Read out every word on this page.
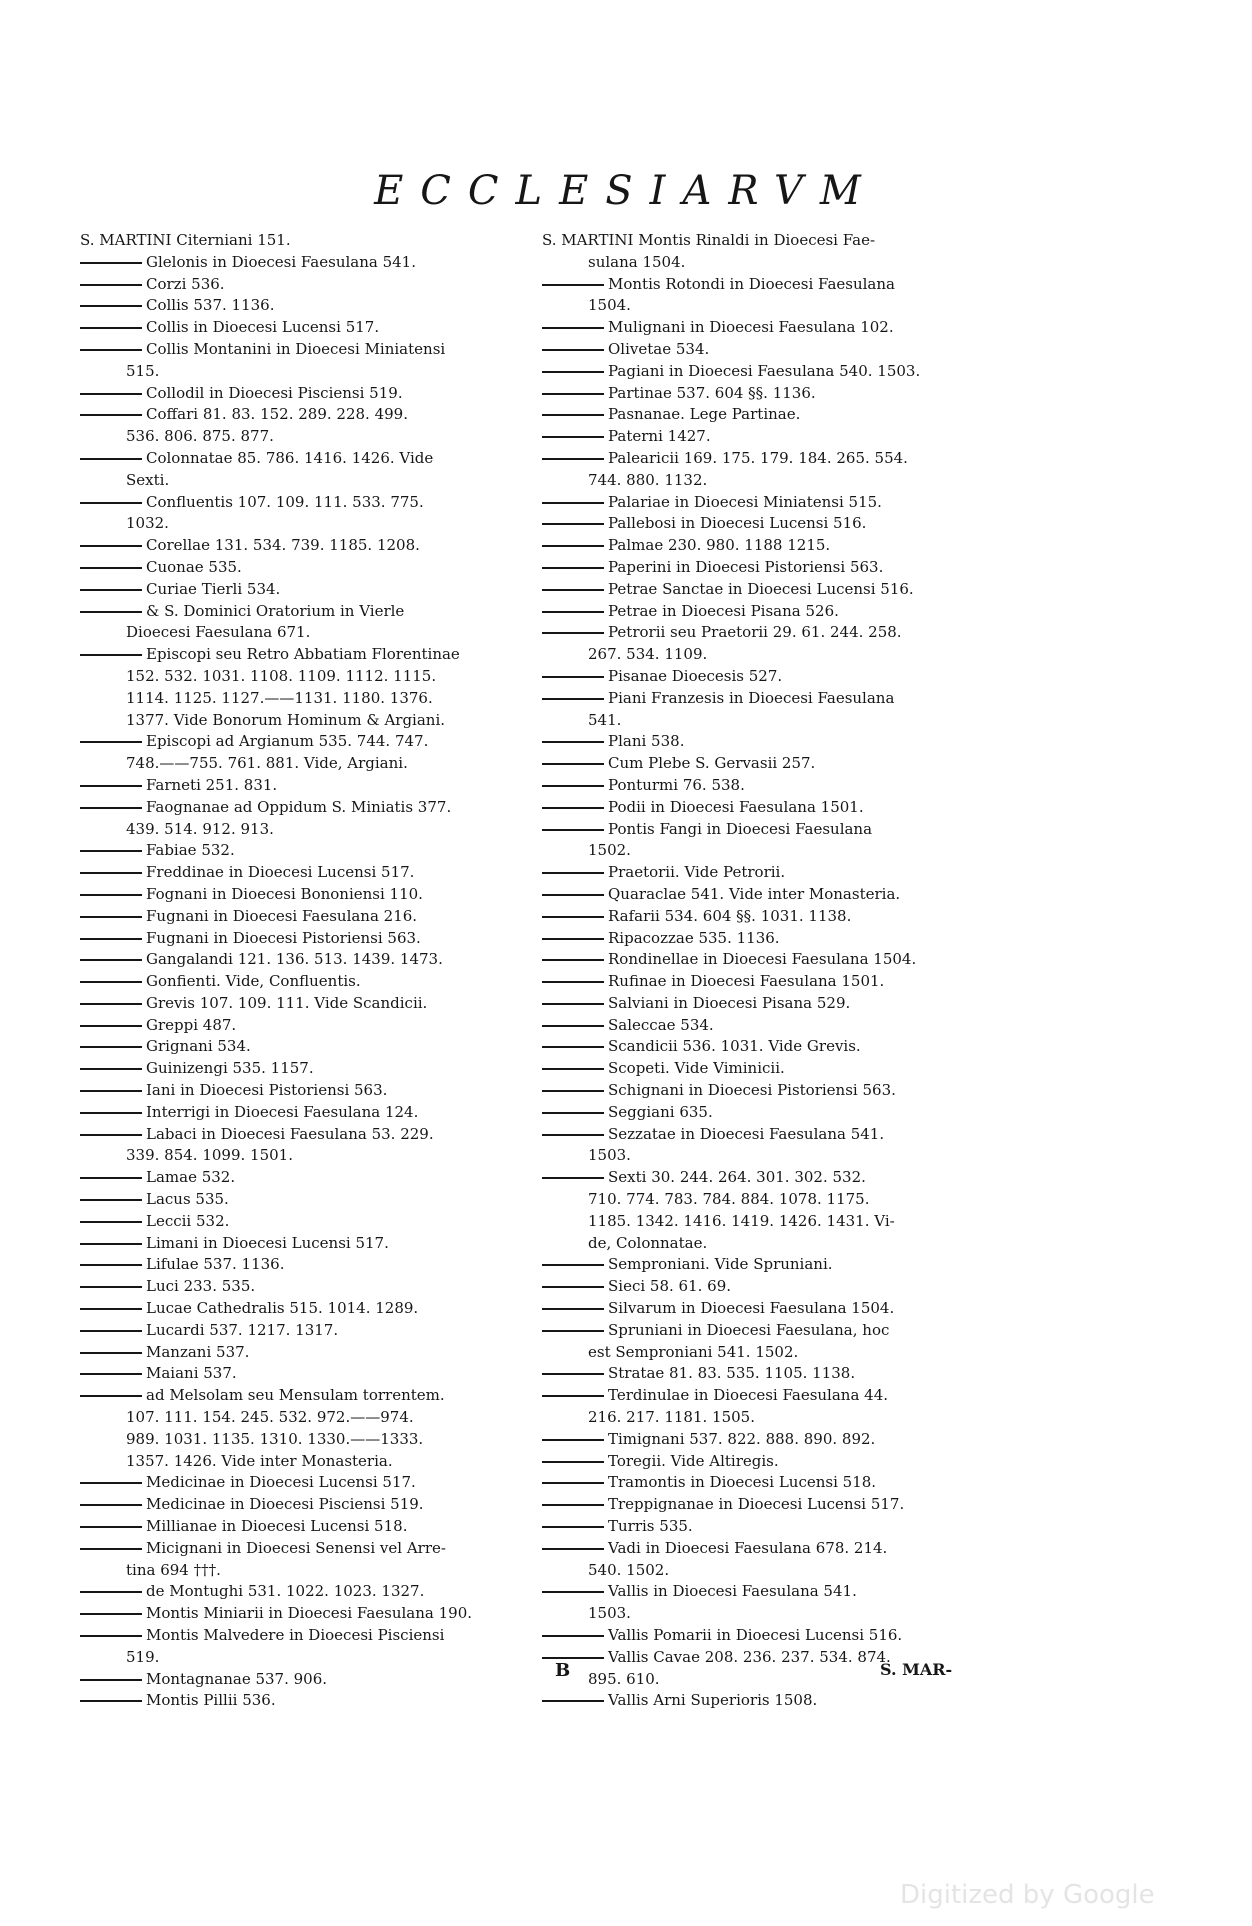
ECCLESIARVM
S. MARTINI Citerniani 151.
Glelonis in Dioecesi Faesulana 541.
Corzi 536.
Collis 537. 1136.
Collis in Dioecesi Lucensi 517.
Collis Montanini in Dioecesi Miniatensi
515.
Collodil in Dioecesi Pisciensi 519.
Coffari 81. 83. 152. 289. 228. 499.
536. 806. 875. 877.
Colonnatae 85. 786. 1416. 1426. Vide
Sexti.
Confluentis 107. 109. 111. 533. 775.
1032.
Corellae 131. 534. 739. 1185. 1208.
Cuonae 535.
Curiae Tierli 534.
& S. Dominici Oratorium in Vierle
Dioecesi Faesulana 671.
Episcopi seu Retro Abbatiam Florentinae
152. 532. 1031. 1108. 1109. 1112. 1115.
1114. 1125. 1127.——1131. 1180. 1376.
1377. Vide Bonorum Hominum & Argiani.
Episcopi ad Argianum 535. 744. 747.
748.——755. 761. 881. Vide, Argiani.
Farneti 251. 831.
Faognanae ad Oppidum S. Miniatis 377.
439. 514. 912. 913.
Fabiae 532.
Freddinae in Dioecesi Lucensi 517.
Fognani in Dioecesi Bononiensi 110.
Fugnani in Dioecesi Faesulana 216.
Fugnani in Dioecesi Pistoriensi 563.
Gangalandi 121. 136. 513. 1439. 1473.
Gonfienti. Vide, Confluentis.
Grevis 107. 109. 111. Vide Scandicii.
Greppi 487.
Grignani 534.
Guinizengi 535. 1157.
Iani in Dioecesi Pistoriensi 563.
Interrigi in Dioecesi Faesulana 124.
Labaci in Dioecesi Faesulana 53. 229.
339. 854. 1099. 1501.
Lamae 532.
Lacus 535.
Leccii 532.
Limani in Dioecesi Lucensi 517.
Lifulae 537. 1136.
Luci 233. 535.
Lucae Cathedralis 515. 1014. 1289.
Lucardi 537. 1217. 1317.
Manzani 537.
Maiani 537.
ad Melsolam seu Mensulam torrentem.
107. 111. 154. 245. 532. 972.——974.
989. 1031. 1135. 1310. 1330.——1333.
1357. 1426. Vide inter Monasteria.
Medicinae in Dioecesi Lucensi 517.
Medicinae in Dioecesi Pisciensi 519.
Millianae in Dioecesi Lucensi 518.
Micignani in Dioecesi Senensi vel Arre-
tina 694 †††.
de Montughi 531. 1022. 1023. 1327.
Montis Miniarii in Dioecesi Faesulana 190.
Montis Malvedere in Dioecesi Pisciensi
519.
Montagnanae 537. 906.
Montis Pillii 536.
S. MARTINI Montis Rinaldi in Dioecesi Fae-
sulana 1504.
Montis Rotondi in Dioecesi Faesulana
1504.
Mulignani in Dioecesi Faesulana 102.
Olivetae 534.
Pagiani in Dioecesi Faesulana 540. 1503.
Partinae 537. 604 §§. 1136.
Pasnanae. Lege Partinae.
Paterni 1427.
Palearicii 169. 175. 179. 184. 265. 554.
744. 880. 1132.
Palariae in Dioecesi Miniatensi 515.
Pallebosi in Dioecesi Lucensi 516.
Palmae 230. 980. 1188 1215.
Paperini in Dioecesi Pistoriensi 563.
Petrae Sanctae in Dioecesi Lucensi 516.
Petrae in Dioecesi Pisana 526.
Petrorii seu Praetorii 29. 61. 244. 258.
267. 534. 1109.
Pisanae Dioecesis 527.
Piani Franzesis in Dioecesi Faesulana
541.
Plani 538.
Cum Plebe S. Gervasii 257.
Ponturmi 76. 538.
Podii in Dioecesi Faesulana 1501.
Pontis Fangi in Dioecesi Faesulana
1502.
Praetorii. Vide Petrorii.
Quaraclae 541. Vide inter Monasteria.
Rafarii 534. 604 §§. 1031. 1138.
Ripacozzae 535. 1136.
Rondinellae in Dioecesi Faesulana 1504.
Rufinae in Dioecesi Faesulana 1501.
Salviani in Dioecesi Pisana 529.
Saleccae 534.
Scandicii 536. 1031. Vide Grevis.
Scopeti. Vide Viminicii.
Schignani in Dioecesi Pistoriensi 563.
Seggiani 635.
Sezzatae in Dioecesi Faesulana 541.
1503.
Sexti 30. 244. 264. 301. 302. 532.
710. 774. 783. 784. 884. 1078. 1175.
1185. 1342. 1416. 1419. 1426. 1431. Vi-
de, Colonnatae.
Semproniani. Vide Spruniani.
Sieci 58. 61. 69.
Silvarum in Dioecesi Faesulana 1504.
Spruniani in Dioecesi Faesulana, hoc
est Semproniani 541. 1502.
Stratae 81. 83. 535. 1105. 1138.
Terdinulae in Dioecesi Faesulana 44.
216. 217. 1181. 1505.
Timignani 537. 822. 888. 890. 892.
Toregii. Vide Altiregis.
Tramontis in Dioecesi Lucensi 518.
Treppignanae in Dioecesi Lucensi 517.
Turris 535.
Vadi in Dioecesi Faesulana 678. 214.
540. 1502.
Vallis in Dioecesi Faesulana 541.
1503.
Vallis Pomarii in Dioecesi Lucensi 516.
Vallis Cavae 208. 236. 237. 534. 874.
895. 610.
Vallis Arni Superioris 1508.
B	S. MAR-
Digitized by Google
